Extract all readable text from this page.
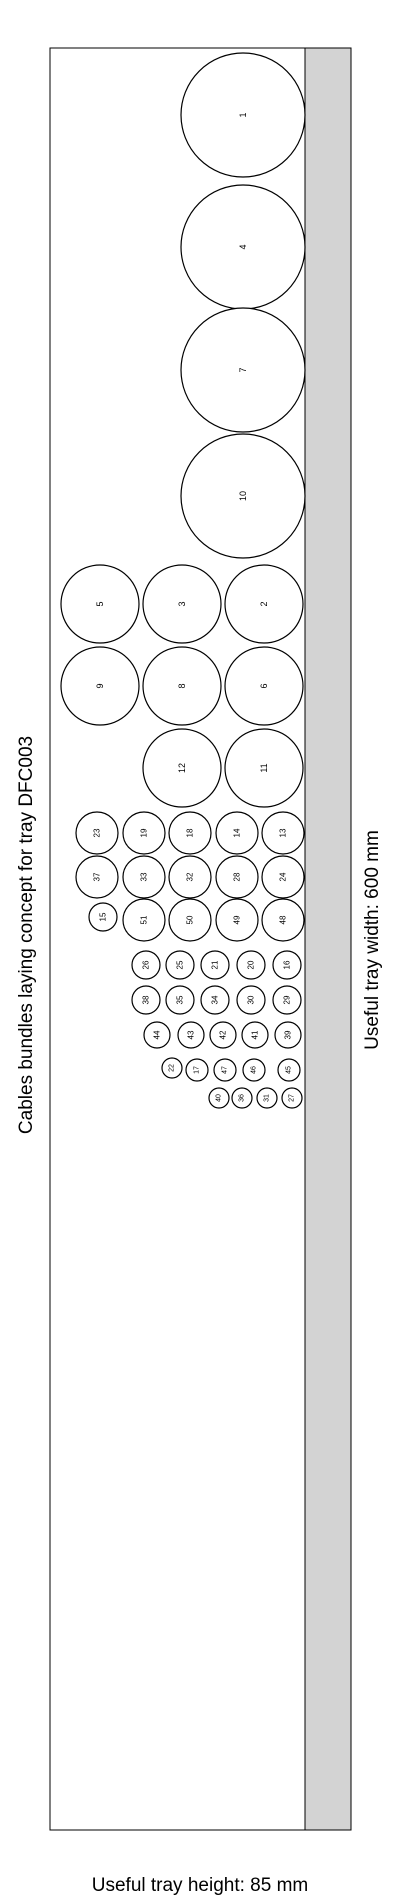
Cables bundles laying concept for tray DFC003	Useful tray width: 600 mm
Useful tray height: 85 mm
1
4
7
10
5	3	2
9	8	6
12	11
23	19	18	14	13
37	33	32	28	24
15	51	50	49	48
26	25	21	20	16
38	35	34	30	29
44	43	42	41	39
22	17	47	46	45
40 36	31	27
